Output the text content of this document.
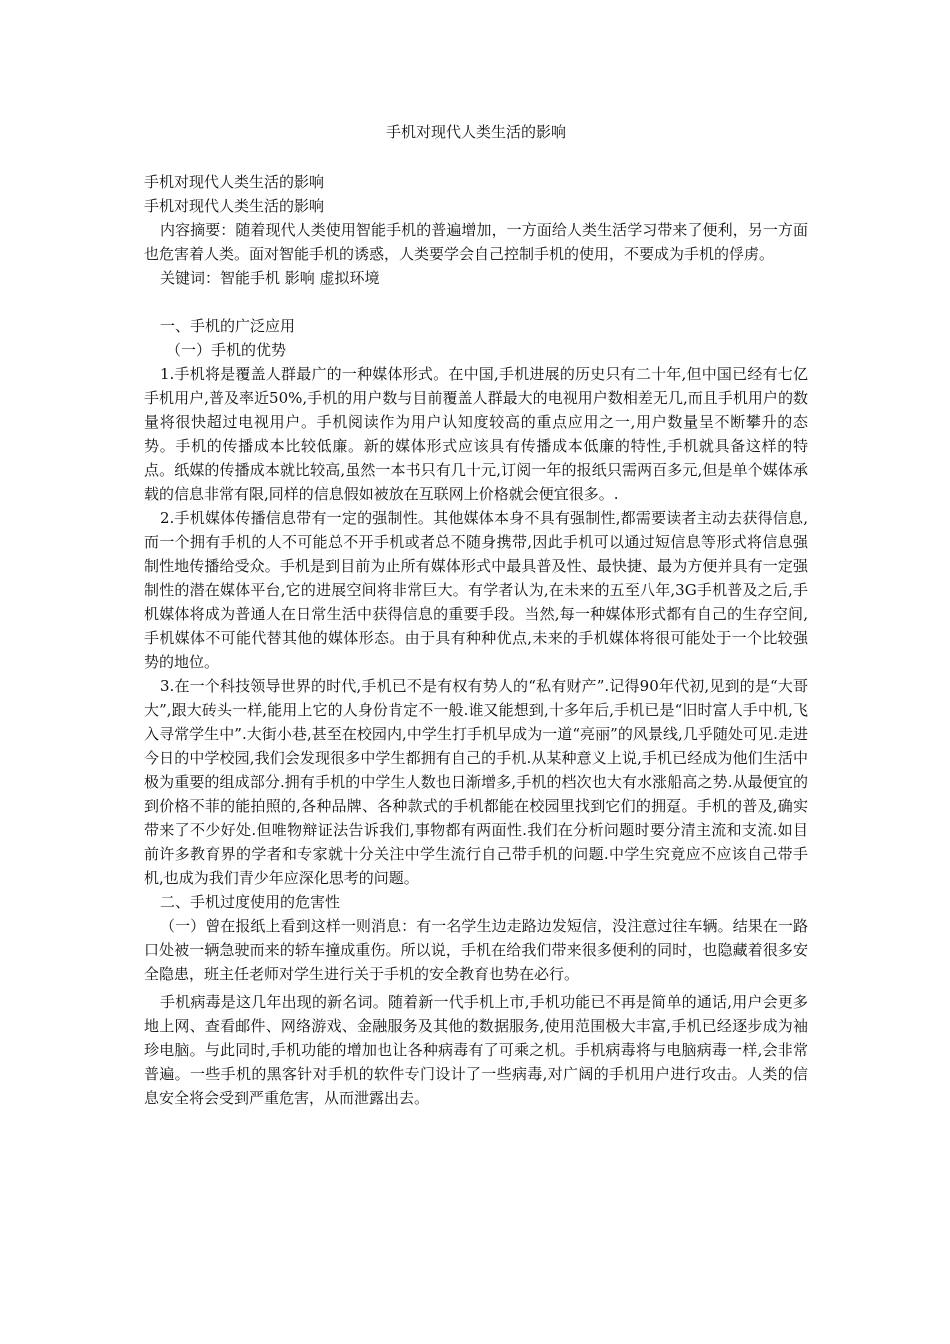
手机对现代人类生活的影响

手机对现代人类生活的影响

手机对现代人类生活的影响

内容摘要：随着现代人类使用智能手机的普遍增加，一方面给人类生活学习带来了便利，另一方面也危害着人类。面对智能手机的诱惑，人类要学会自己控制手机的使用，不要成为手机的俘虏。

关键词：智能手机 影响 虚拟环境

一、手机的广泛应用

（一）手机的优势

1.手机将是覆盖人群最广的一种媒体形式。在中国,手机进展的历史只有二十年,但中国已经有七亿手机用户,普及率近50%,手机的用户数与目前覆盖人群最大的电视用户数相差无几,而且手机用户的数量将很快超过电视用户。手机阅读作为用户认知度较高的重点应用之一,用户数量呈不断攀升的态势。手机的传播成本比较低廉。新的媒体形式应该具有传播成本低廉的特性,手机就具备这样的特点。纸媒的传播成本就比较高,虽然一本书只有几十元,订阅一年的报纸只需两百多元,但是单个媒体承载的信息非常有限,同样的信息假如被放在互联网上价格就会便宜很多。.

2.手机媒体传播信息带有一定的强制性。其他媒体本身不具有强制性,都需要读者主动去获得信息,而一个拥有手机的人不可能总不开手机或者总不随身携带,因此手机可以通过短信息等形式将信息强制性地传播给受众。手机是到目前为止所有媒体形式中最具普及性、最快捷、最为方便并具有一定强制性的潜在媒体平台,它的进展空间将非常巨大。有学者认为,在未来的五至八年,3G手机普及之后,手机媒体将成为普通人在日常生活中获得信息的重要手段。当然,每一种媒体形式都有自己的生存空间,手机媒体不可能代替其他的媒体形态。由于具有种种优点,未来的手机媒体将很可能处于一个比较强势的地位。

3.在一个科技领导世界的时代,手机已不是有权有势人的“私有财产”.记得90年代初,见到的是“大哥大”,跟大砖头一样,能用上它的人身份肯定不一般.谁又能想到,十多年后,手机已是“旧时富人手中机,飞入寻常学生中”.大街小巷,甚至在校园内,中学生打手机早成为一道“亮丽”的风景线,几乎随处可见.走进今日的中学校园,我们会发现很多中学生都拥有自己的手机.从某种意义上说,手机已经成为他们生活中极为重要的组成部分.拥有手机的中学生人数也日渐增多,手机的档次也大有水涨船高之势.从最便宜的到价格不菲的能拍照的,各种品牌、各种款式的手机都能在校园里找到它们的拥趸。手机的普及,确实带来了不少好处.但唯物辩证法告诉我们,事物都有两面性.我们在分析问题时要分清主流和支流.如目前许多教育界的学者和专家就十分关注中学生流行自己带手机的问题.中学生究竟应不应该自己带手机,也成为我们青少年应深化思考的问题。

二、手机过度使用的危害性

（一）曾在报纸上看到这样一则消息：有一名学生边走路边发短信，没注意过往车辆。结果在一路口处被一辆急驶而来的轿车撞成重伤。所以说，手机在给我们带来很多便利的同时，也隐藏着很多安全隐患，班主任老师对学生进行关于手机的安全教育也势在必行。

手机病毒是这几年出现的新名词。随着新一代手机上市,手机功能已不再是简单的通话,用户会更多地上网、查看邮件、网络游戏、金融服务及其他的数据服务,使用范围极大丰富,手机已经逐步成为袖珍电脑。与此同时,手机功能的增加也让各种病毒有了可乘之机。手机病毒将与电脑病毒一样,会非常普遍。一些手机的黑客针对手机的软件专门设计了一些病毒,对广阔的手机用户进行攻击。人类的信息安全将会受到严重危害，从而泄露出去。
